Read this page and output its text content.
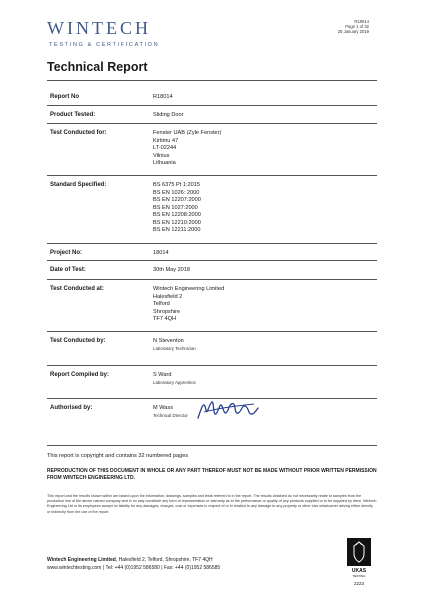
WINTECH
TESTING & CERTIFICATION
R18014
Page 1 of 32
25 January 2019
Technical Report
Report No	R18014
Product Tested:	Sliding Door
Test Conducted for:	Fenster UAB (Zyle Fenster)
Kirtimu 47
LT-02244
Vilnius
Lithuania
Standard Specified:	BS 6375 Pt 1:2015
BS EN 1026: 2000
BS EN 12207:2000
BS EN 1027:2000
BS EN 12208:2000
BS EN 12210:2000
BS EN 12211:2000
Project No:	18014
Date of Test:	30th May 2018
Test Conducted at:	Wintech Engineering Limited
Halesfield 2
Telford
Shropshire
TF7 4QH
Test Conducted by:	N Steventon
Laboratory Technician
Report Compiled by:	S Ward
Laboratory Apprentice
Authorised by:	M Wass
Technical Director
This report is copyright and contains 32 numbered pages
REPRODUCTION OF THIS DOCUMENT IN WHOLE OR ANY PART THEREOF MUST NOT BE MADE WITHOUT PRIOR WRITTEN PERMISSION FROM WINTECH ENGINEERING LTD.
This report and the results shown within are based upon the information, drawings, samples and tests referred to in the report. The results obtained do not necessarily relate to samples from the production line of the above named company and in no way constitute any form of representation or warranty as to the performance or quality of any products supplied or to be supplied by them. Wintech Engineering Ltd or its employees accept no liability for any damages, charges, cost or expenses in respect of or in relation to any damage to any property or other loss whatsoever arising either directly or indirectly from the use of the report.
Wintech Engineering Limited, Halesfield 2, Telford, Shropshire, TF7 4QH
www.wintechtesting.com | Tel: +44 (0)1952 586580 | Fax: +44 (0)1952 586585	UKAS
TESTING
2223
